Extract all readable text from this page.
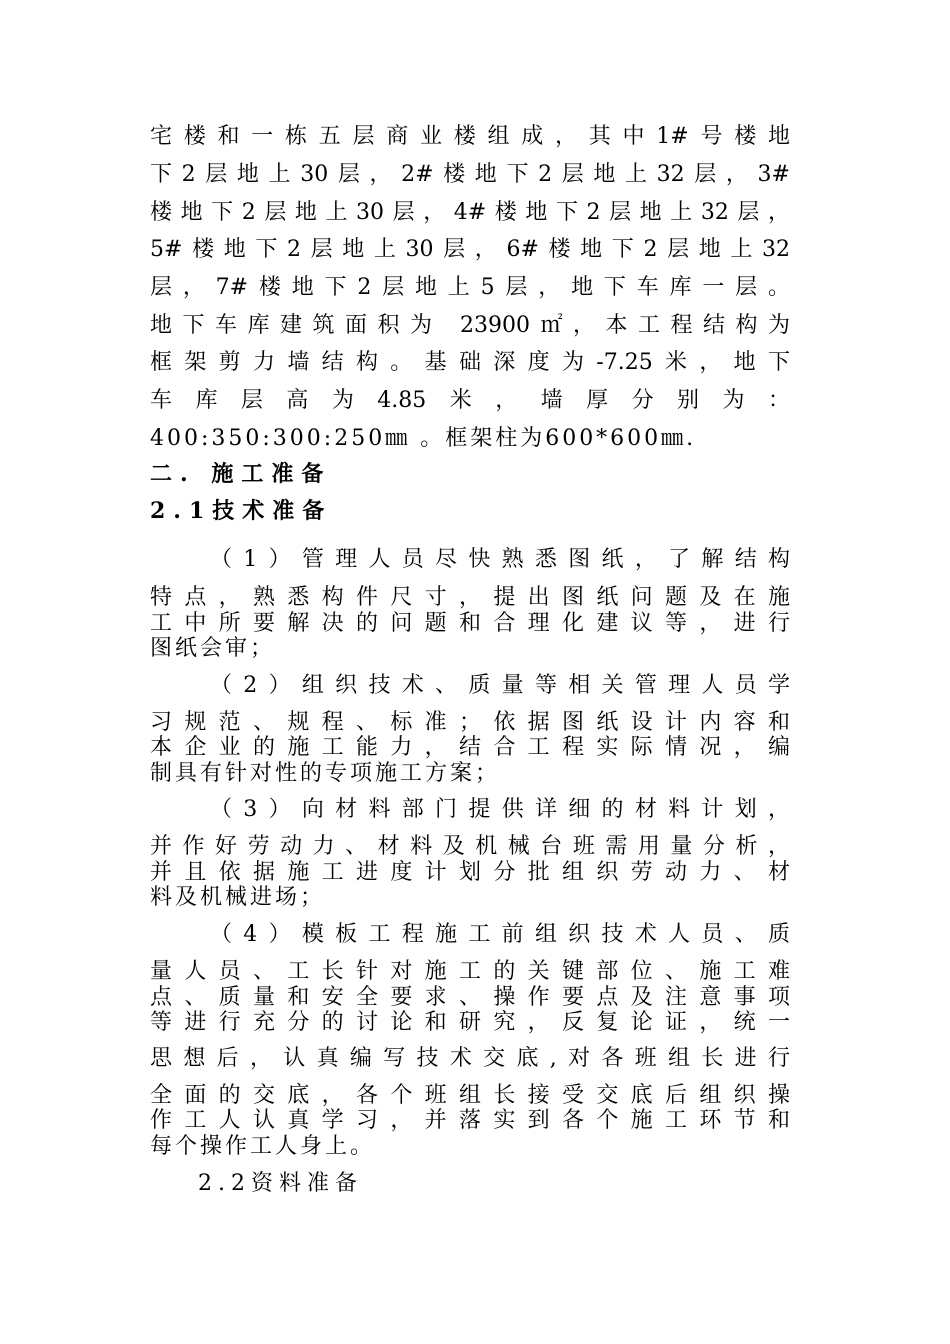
宅楼和一栋五层商业楼组成，其中1#号楼地

下2层地上30层，2#楼地下2层地上32层，3#

楼地下2层地上30层，4#楼地下2层地上32层，

5#楼地下2层地上30层，6#楼地下2层地上32

层，7#楼地下2层地上5层，地下车库一层。

地下车库建筑面积为 23900㎡，本工程结构为

框架剪力墙结构。基础深度为-7.25米，地下

车库层高为4.85米，墙厚分别为：

400:350:300:250㎜ 。框架柱为600*600㎜.

二. 施工准备

2.1技术准备

（1）管理人员尽快熟悉图纸，了解结构

特点，熟悉构件尺寸，提出图纸问题及在施

工中所要解决的问题和合理化建议等，进行

图纸会审；

（2）组织技术、质量等相关管理人员学

习规范、规程、标准；依据图纸设计内容和

本企业的施工能力，结合工程实际情况，编

制具有针对性的专项施工方案；

（3）向材料部门提供详细的材料计划，

并作好劳动力、材料及机械台班需用量分析，

并且依据施工进度计划分批组织劳动力、材

料及机械进场；

（4）模板工程施工前组织技术人员、质

量人员、工长针对施工的关键部位、施工难

点、质量和安全要求、操作要点及注意事项

等进行充分的讨论和研究，反复论证，统一

思想后，认真编写技术交底,对各班组长进行

全面的交底，各个班组长接受交底后组织操

作工人认真学习，并落实到各个施工环节和

每个操作工人身上。

2.2资料准备
